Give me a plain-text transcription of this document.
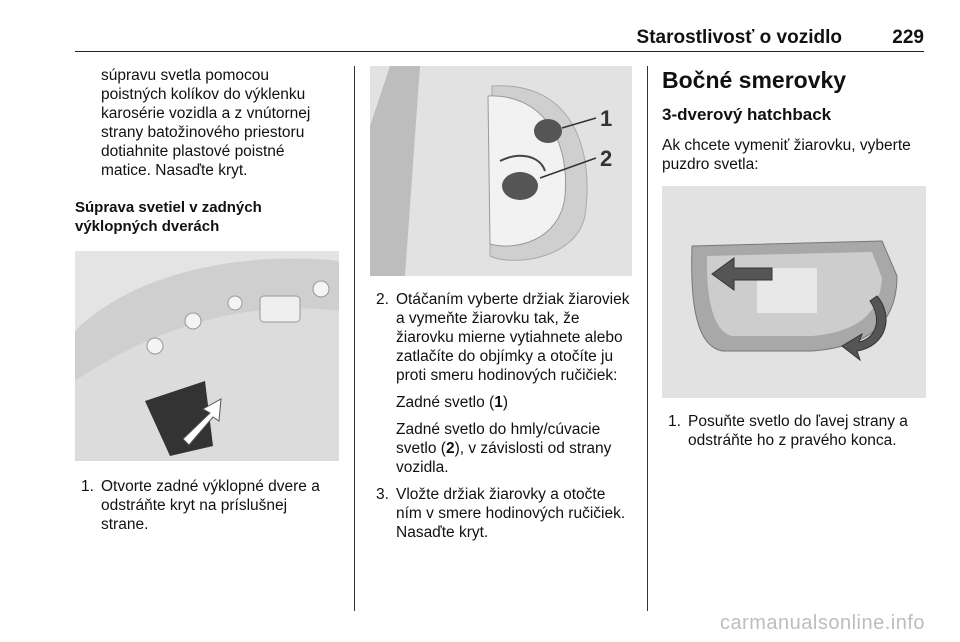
Starostlivosť o vozidlo	229

súpravu svetla pomocou

poistných kolíkov do výklenku

karosérie vozidla a z vnútornej

strany batožinového priestoru

dotiahnite plastové poistné

matice. Nasaďte kryt.

Súprava svetiel v zadných

výklopných dverách

1. Otvorte zadné výklopné dvere a

odstráňte kryt na príslušnej

strane.

1
2
2. Otáčaním vyberte držiak žiaroviek

a vymeňte žiarovku tak, že

žiarovku mierne vytiahnete alebo

zatlačíte do objímky a otočíte ju

proti smeru hodinových ručičiek:

Zadné svetlo (1)

Zadné svetlo do hmly/cúvacie

svetlo (2), v závislosti od strany

vozidla.

3. Vložte držiak žiarovky a otočte

ním v smere hodinových ručičiek.

Nasaďte kryt.

Bočné smerovky
3-dverový hatchback

Ak chcete vymeniť žiarovku, vyberte

puzdro svetla:

1. Posuňte svetlo do ľavej strany a

odstráňte ho z pravého konca.

carmanualsonline.info
